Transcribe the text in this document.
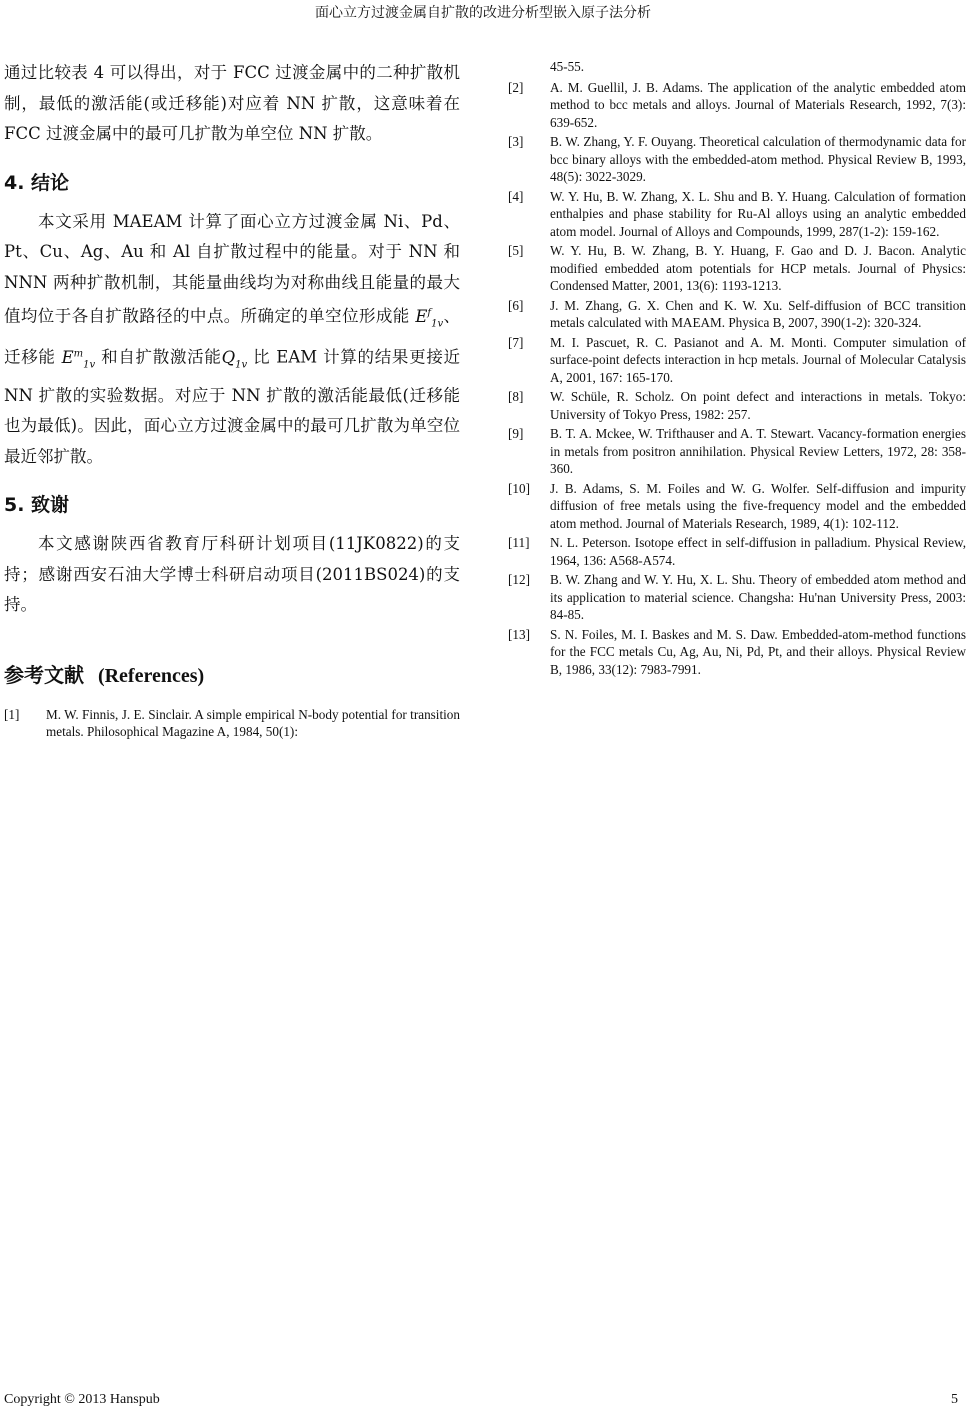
面心立方过渡金属自扩散的改进分析型嵌入原子法分析

通过比较表 4 可以得出，对于 FCC 过渡金属中的二种扩散机制，最低的激活能(或迁移能)对应着 NN 扩散，这意味着在 FCC 过渡金属中的最可几扩散为单空位 NN 扩散。

4. 结论

本文采用 MAEAM 计算了面心立方过渡金属 Ni、Pd、Pt、Cu、Ag、Au 和 Al 自扩散过程中的能量。对于 NN 和 NNN 两种扩散机制，其能量曲线均为对称曲线且能量的最大值均位于各自扩散路径的中点。所确定的单空位形成能 $E^f_{1v}$、迁移能 $E^m_{1v}$ 和自扩散激活能$Q_{1v}$ 比 EAM 计算的结果更接近 NN 扩散的实验数据。对应于 NN 扩散的激活能最低(迁移能也为最低)。因此，面心立方过渡金属中的最可几扩散为单空位最近邻扩散。

5. 致谢

本文感谢陕西省教育厅科研计划项目(11JK0822)的支持；感谢西安石油大学博士科研启动项目(2011BS024)的支持。

参考文献 (References)

[1]	M. W. Finnis, J. E. Sinclair. A simple empirical N-body potential for transition metals. Philosophical Magazine A, 1984, 50(1):
45-55.
[2]	A. M. Guellil, J. B. Adams. The application of the analytic embedded atom method to bcc metals and alloys. Journal of Materials Research, 1992, 7(3): 639-652.
[3]	B. W. Zhang, Y. F. Ouyang. Theoretical calculation of thermodynamic data for bcc binary alloys with the embedded-atom method. Physical Review B, 1993, 48(5): 3022-3029.
[4]	W. Y. Hu, B. W. Zhang, X. L. Shu and B. Y. Huang. Calculation of formation enthalpies and phase stability for Ru-Al alloys using an analytic embedded atom model. Journal of Alloys and Compounds, 1999, 287(1-2): 159-162.
[5]	W. Y. Hu, B. W. Zhang, B. Y. Huang, F. Gao and D. J. Bacon. Analytic modified embedded atom potentials for HCP metals. Journal of Physics: Condensed Matter, 2001, 13(6): 1193-1213.
[6]	J. M. Zhang, G. X. Chen and K. W. Xu. Self-diffusion of BCC transition metals calculated with MAEAM. Physica B, 2007, 390(1-2): 320-324.
[7]	M. I. Pascuet, R. C. Pasianot and A. M. Monti. Computer simulation of surface-point defects interaction in hcp metals. Journal of Molecular Catalysis A, 2001, 167: 165-170.
[8]	W. Schüle, R. Scholz. On point defect and interactions in metals. Tokyo: University of Tokyo Press, 1982: 257.
[9]	B. T. A. Mckee, W. Trifthauser and A. T. Stewart. Vacancy-formation energies in metals from positron annihilation. Physical Review Letters, 1972, 28: 358-360.
[10]	J. B. Adams, S. M. Foiles and W. G. Wolfer. Self-diffusion and impurity diffusion of free metals using the five-frequency model and the embedded atom method. Journal of Materials Research, 1989, 4(1): 102-112.
[11]	N. L. Peterson. Isotope effect in self-diffusion in palladium. Physical Review, 1964, 136: A568-A574.
[12]	B. W. Zhang and W. Y. Hu, X. L. Shu. Theory of embedded atom method and its application to material science. Changsha: Hu'nan University Press, 2003: 84-85.
[13]	S. N. Foiles, M. I. Baskes and M. S. Daw. Embedded-atom-method functions for the FCC metals Cu, Ag, Au, Ni, Pd, Pt, and their alloys. Physical Review B, 1986, 33(12): 7983-7991.
Copyright © 2013 Hanspub	5
